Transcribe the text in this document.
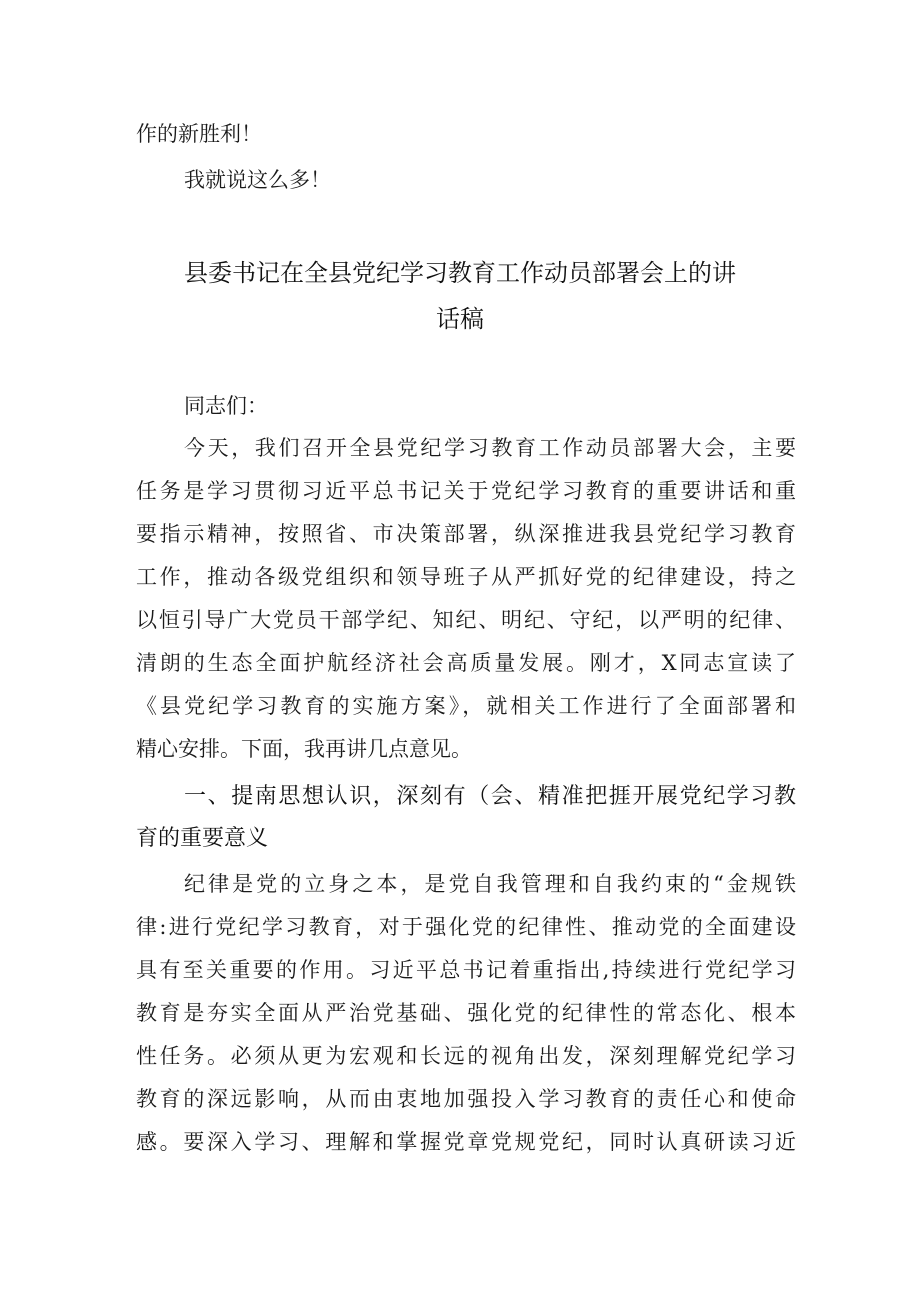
作的新胜利！
我就说这么多！
县委书记在全县党纪学习教育工作动员部署会上的讲
话稿
同志们：
今天，我们召开全县党纪学习教育工作动员部署大会，主要
任务是学习贯彻习近平总书记关于党纪学习教育的重要讲话和重
要指示精神，按照省、市决策部署，纵深推进我县党纪学习教育
工作，推动各级党组织和领导班子从严抓好党的纪律建设，持之
以恒引导广大党员干部学纪、知纪、明纪、守纪，以严明的纪律、
清朗的生态全面护航经济社会高质量发展。刚才，X同志宣读了
《县党纪学习教育的实施方案》，就相关工作进行了全面部署和
精心安排。下面，我再讲几点意见。
一、提南思想认识，深刻有（会、精准把捱开展党纪学习教
育的重要意义
纪律是党的立身之本，是党自我管理和自我约束的“金规铁
律:进行党纪学习教育，对于强化党的纪律性、推动党的全面建设
具有至关重要的作用。习近平总书记着重指出,持续进行党纪学习
教育是夯实全面从严治党基础、强化党的纪律性的常态化、根本
性任务。必须从更为宏观和长远的视角出发，深刻理解党纪学习
教育的深远影响，从而由衷地加强投入学习教育的责任心和使命
感。要深入学习、理解和掌握党章党规党纪，同时认真研读习近
